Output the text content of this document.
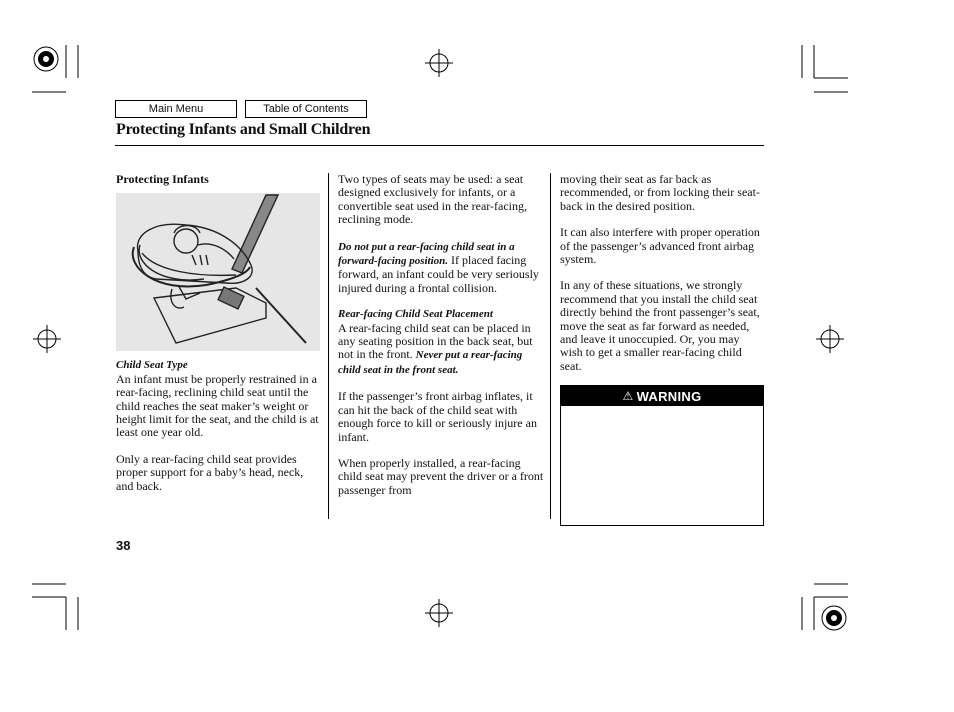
Main Menu	Table of Contents
Protecting Infants and Small Children
Protecting Infants
Child Seat Type

An infant must be properly restrained in a rear-facing, reclining child seat until the child reaches the seat maker’s weight or height limit for the seat, and the child is at least one year old.

Only a rear-facing child seat provides proper support for a baby’s head, neck, and back.

Two types of seats may be used: a seat designed exclusively for infants, or a convertible seat used in the rear-facing, reclining mode.

Do not put a rear-facing child seat in a forward-facing position. If placed facing forward, an infant could be very seriously injured during a frontal collision.

Rear-facing Child Seat Placement

A rear-facing child seat can be placed in any seating position in the back seat, but not in the front. Never put a rear-facing child seat in the front seat.

If the passenger’s front airbag inflates, it can hit the back of the child seat with enough force to kill or seriously injure an infant.

When properly installed, a rear-facing child seat may prevent the driver or a front passenger from

moving their seat as far back as recommended, or from locking their seat-back in the desired position.

It can also interfere with proper operation of the passenger’s advanced front airbag system.

In any of these situations, we strongly recommend that you install the child seat directly behind the front passenger’s seat, move the seat as far forward as needed, and leave it unoccupied. Or, you may wish to get a smaller rear-facing child seat.

⚠ WARNING
38
